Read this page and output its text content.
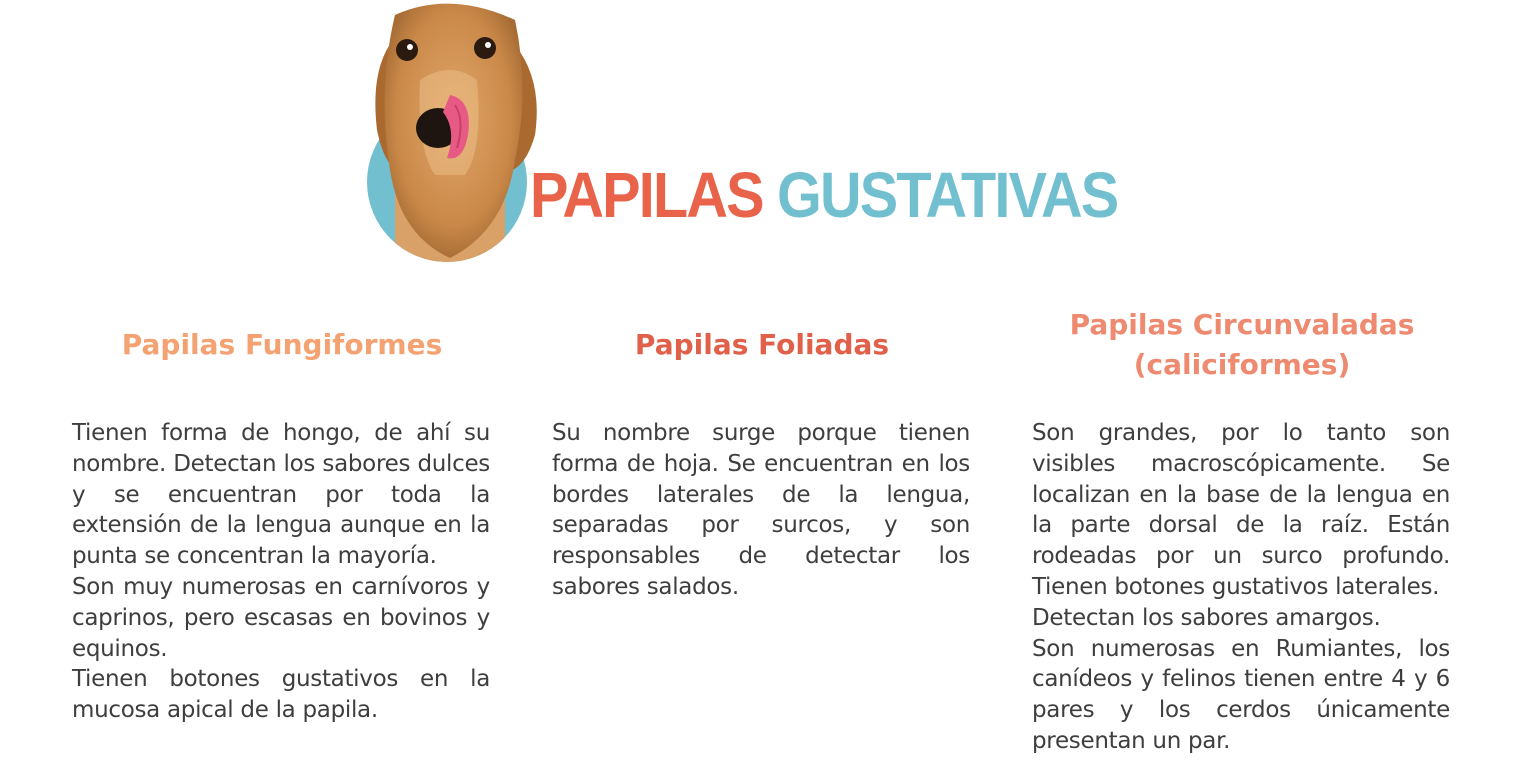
PAPILAS GUSTATIVAS
Papilas Fungiformes

Tienen forma de hongo, de ahí su nombre. Detectan los sabores dulces y se encuentran por toda la extensión de la lengua aunque en la punta se concentran la mayoría.

Son muy numerosas en carnívoros y caprinos, pero escasas en bovinos y equinos.

Tienen botones gustativos en la mucosa apical de la papila.

Papilas Foliadas

Su nombre surge porque tienen forma de hoja. Se encuentran en los bordes laterales de la lengua, separadas por surcos, y son responsables de detectar los sabores salados.

Papilas Circunvaladas
(caliciformes)

Son grandes, por lo tanto son visibles macroscópicamente. Se localizan en la base de la lengua en la parte dorsal de la raíz. Están rodeadas por un surco profundo. Tienen botones gustativos laterales.

Detectan los sabores amargos.

Son numerosas en Rumiantes, los canídeos y felinos tienen entre 4 y 6 pares y los cerdos únicamente presentan un par.
